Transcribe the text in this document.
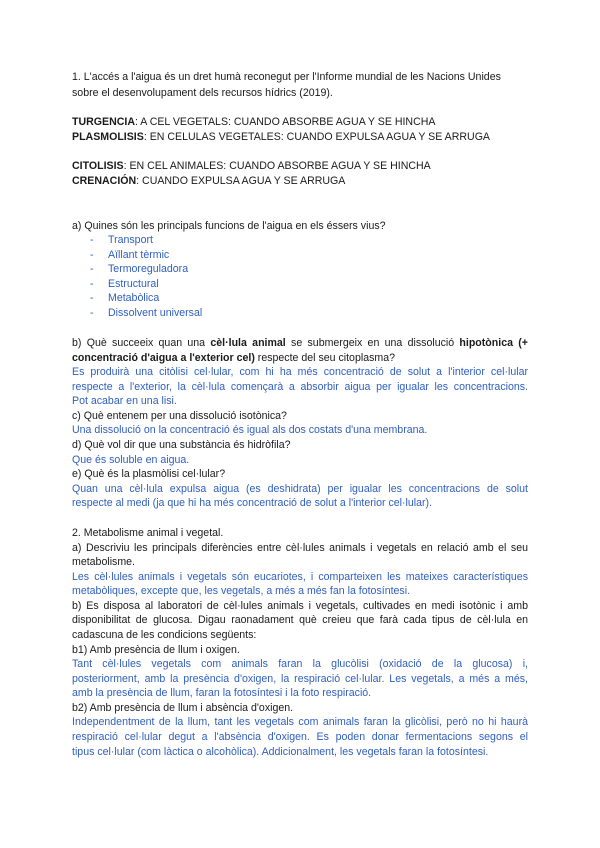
1. L'accés a l'aigua és un dret humà reconegut per l'Informe mundial de les Nacions Unides
sobre el desenvolupament dels recursos hídrics (2019).
TURGENCIA: A CEL VEGETALS: CUANDO ABSORBE AGUA Y SE HINCHA
PLASMOLISIS: EN CELULAS VEGETALES: CUANDO EXPULSA AGUA Y SE ARRUGA
CITOLISIS: EN CEL ANIMALES: CUANDO ABSORBE AGUA Y SE HINCHA
CRENACIÓN: CUANDO EXPULSA AGUA Y SE ARRUGA
a) Quines són les principals funcions de l'aigua en els éssers vius?
- Transport
- Aïllant tèrmic
- Termoreguladora
- Estructural
- Metabòlica
- Dissolvent universal
b) Què succeeix quan una cèl·lula animal se submergeix en una dissolució hipotònica (+
concentració d'aigua a l'exterior cel) respecte del seu citoplasma?
Es produirà una citòlisi cel·lular, com hi ha més concentració de solut a l'interior cel·lular
respecte a l'exterior, la cèl·lula començarà a absorbir aigua per igualar les concentracions.
Pot acabar en una lisi.
c) Què entenem per una dissolució isotònica?
Una dissolució on la concentració és igual als dos costats d'una membrana.
d) Què vol dir que una substància és hidròfila?
Que és soluble en aigua.
e) Què és la plasmòlisi cel·lular?
Quan una cèl·lula expulsa aigua (es deshidrata) per igualar les concentracions de solut
respecte al medi (ja que hi ha més concentració de solut a l'interior cel·lular).
2. Metabolisme animal i vegetal.
a) Descriviu les principals diferències entre cèl·lules animals i vegetals en relació amb el seu
metabolisme.
Les cèl·lules animals i vegetals són eucariotes, i comparteixen les mateixes característiques
metabòliques, excepte que, les vegetals, a més a més fan la fotosíntesi.
b) Es disposa al laboratori de cèl·lules animals i vegetals, cultivades en medi isotònic i amb
disponibilitat de glucosa. Digau raonadament què creieu que farà cada tipus de cèl·lula en
cadascuna de les condicions següents:
b1) Amb presència de llum i oxigen.
Tant cèl·lules vegetals com animals faran la glucòlisi (oxidació de la glucosa) i,
posteriorment, amb la presència d'oxigen, la respiració cel·lular. Les vegetals, a més a més,
amb la presència de llum, faran la fotosíntesi i la foto respiració.
b2) Amb presència de llum i absència d'oxigen.
Independentment de la llum, tant les vegetals com animals faran la glicòlisi, però no hi haurà
respiració cel·lular degut a l'absència d'oxigen. Es poden donar fermentacions segons el
tipus cel·lular (com làctica o alcohòlica). Addicionalment, les vegetals faran la fotosíntesi.
